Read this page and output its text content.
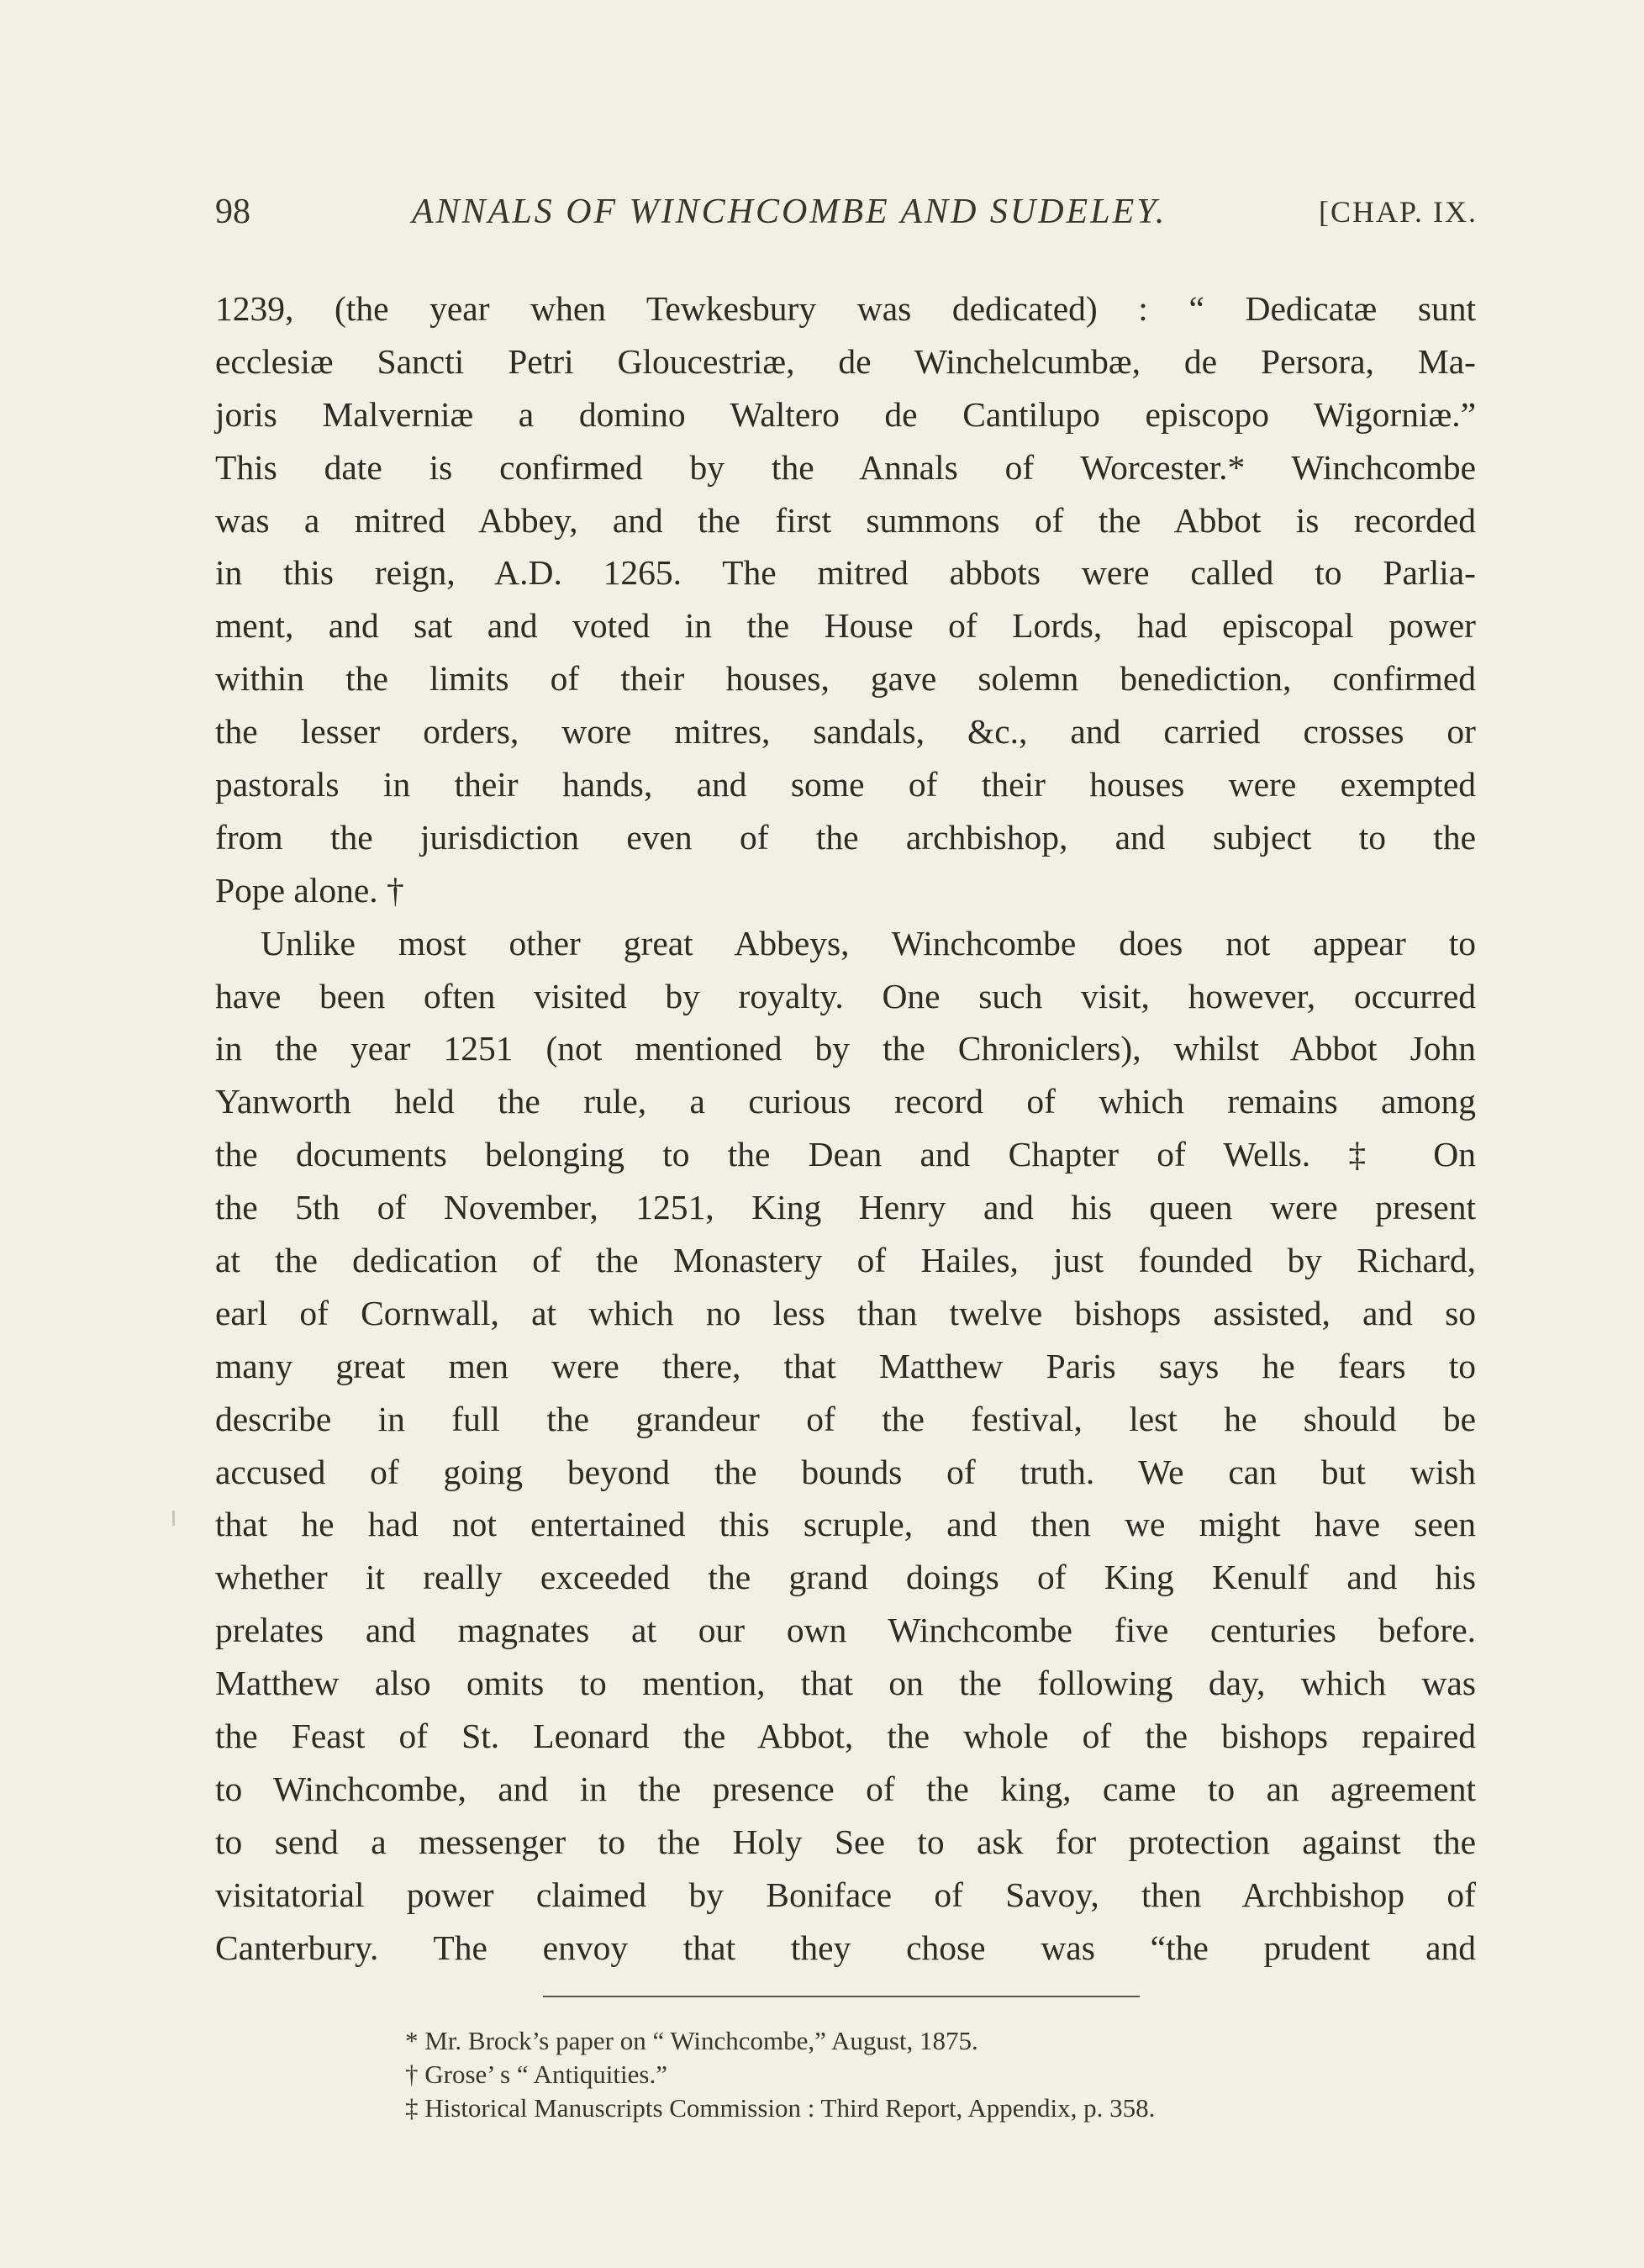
98	ANNALS OF WINCHCOMBE AND SUDELEY.	[CHAP. IX.
1239, (the year when Tewkesbury was dedicated) : “ Dedicatæ sunt
ecclesiæ Sancti Petri Gloucestriæ, de Winchelcumbæ, de Persora, Ma-
joris Malverniæ a domino Waltero de Cantilupo episcopo Wigorniæ.”
This date is confirmed by the Annals of Worcester.* Winchcombe
was a mitred Abbey, and the first summons of the Abbot is recorded
in this reign, A.D. 1265. The mitred abbots were called to Parlia-
ment, and sat and voted in the House of Lords, had episcopal power
within the limits of their houses, gave solemn benediction, confirmed
the lesser orders, wore mitres, sandals, &c., and carried crosses or
pastorals in their hands, and some of their houses were exempted
from the jurisdiction even of the archbishop, and subject to the
Pope alone. †
Unlike most other great Abbeys, Winchcombe does not appear to
have been often visited by royalty. One such visit, however, occurred
in the year 1251 (not mentioned by the Chroniclers), whilst Abbot John
Yanworth held the rule, a curious record of which remains among
the documents belonging to the Dean and Chapter of Wells. ‡ On
the 5th of November, 1251, King Henry and his queen were present
at the dedication of the Monastery of Hailes, just founded by Richard,
earl of Cornwall, at which no less than twelve bishops assisted, and so
many great men were there, that Matthew Paris says he fears to
describe in full the grandeur of the festival, lest he should be
accused of going beyond the bounds of truth. We can but wish
that he had not entertained this scruple, and then we might have seen
whether it really exceeded the grand doings of King Kenulf and his
prelates and magnates at our own Winchcombe five centuries before.
Matthew also omits to mention, that on the following day, which was
the Feast of St. Leonard the Abbot, the whole of the bishops repaired
to Winchcombe, and in the presence of the king, came to an agreement
to send a messenger to the Holy See to ask for protection against the
visitatorial power claimed by Boniface of Savoy, then Archbishop of
Canterbury. The envoy that they chose was “the prudent and
* Mr. Brock’s paper on “ Winchcombe,” August, 1875.
† Grose’ s “ Antiquities.”
‡ Historical Manuscripts Commission : Third Report, Appendix, p. 358.
